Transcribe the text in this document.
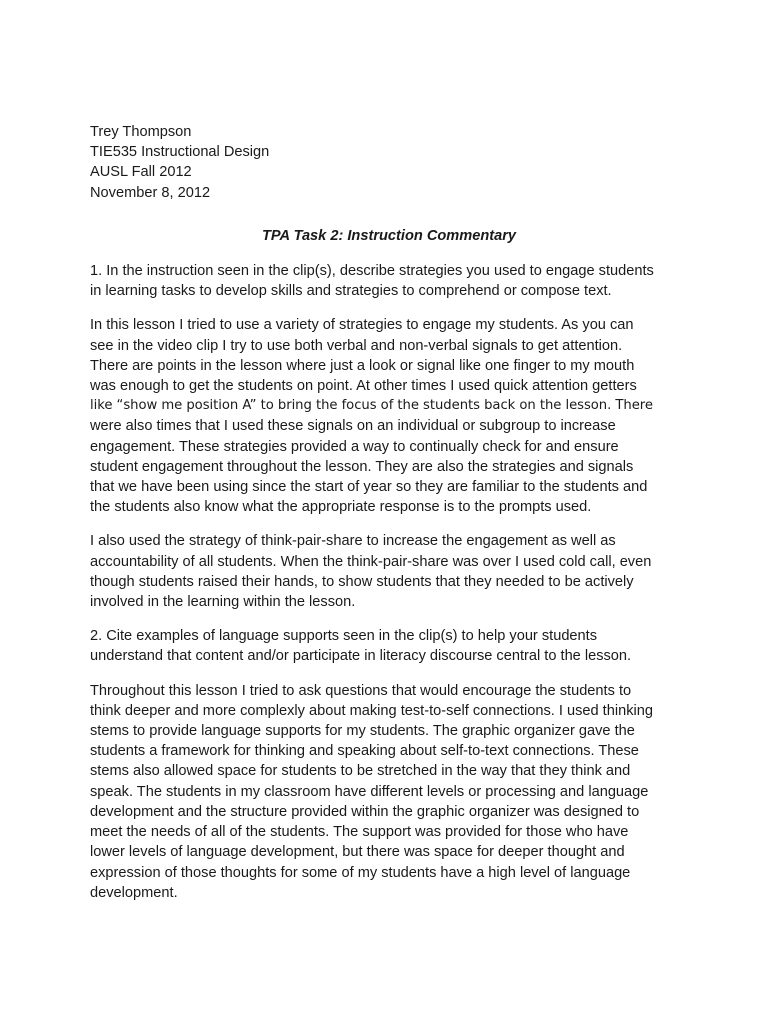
Trey Thompson
TIE535 Instructional Design
AUSL Fall 2012
November 8, 2012
TPA Task 2: Instruction Commentary
1. In the instruction seen in the clip(s), describe strategies you used to engage students
in learning tasks to develop skills and strategies to comprehend or compose text.
In this lesson I tried to use a variety of strategies to engage my students. As you can
see in the video clip I try to use both verbal and non-verbal signals to get attention.
There are points in the lesson where just a look or signal like one finger to my mouth
was enough to get the students on point. At other times I used quick attention getters
like “show me position A” to bring the focus of the students back on the lesson. There
were also times that I used these signals on an individual or subgroup to increase
engagement. These strategies provided a way to continually check for and ensure
student engagement throughout the lesson. They are also the strategies and signals
that we have been using since the start of year so they are familiar to the students and
the students also know what the appropriate response is to the prompts used.
I also used the strategy of think-pair-share to increase the engagement as well as
accountability of all students. When the think-pair-share was over I used cold call, even
though students raised their hands, to show students that they needed to be actively
involved in the learning within the lesson.
2. Cite examples of language supports seen in the clip(s) to help your students
understand that content and/or participate in literacy discourse central to the lesson.
Throughout this lesson I tried to ask questions that would encourage the students to
think deeper and more complexly about making test-to-self connections. I used thinking
stems to provide language supports for my students. The graphic organizer gave the
students a framework for thinking and speaking about self-to-text connections. These
stems also allowed space for students to be stretched in the way that they think and
speak. The students in my classroom have different levels or processing and language
development and the structure provided within the graphic organizer was designed to
meet the needs of all of the students. The support was provided for those who have
lower levels of language development, but there was space for deeper thought and
expression of those thoughts for some of my students have a high level of language
development.
